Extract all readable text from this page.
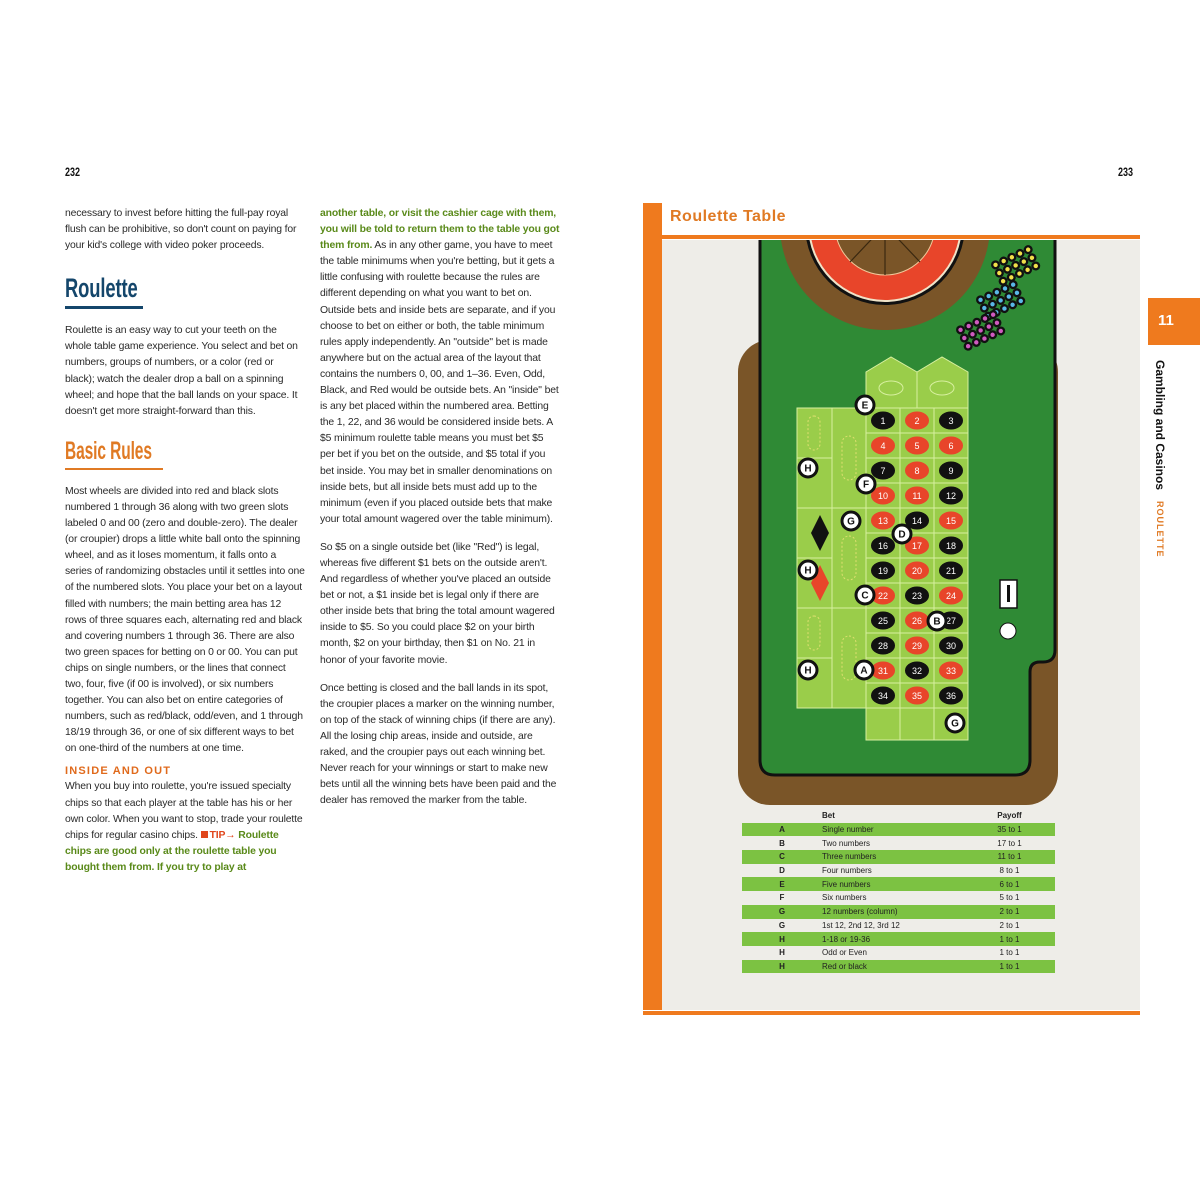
232

necessary to invest before hitting the full-pay royal flush can be prohibitive, so don't count on paying for your kid's college with video poker proceeds.

Roulette

Roulette is an easy way to cut your teeth on the whole table game experience. You select and bet on numbers, groups of numbers, or a color (red or black); watch the dealer drop a ball on a spinning wheel; and hope that the ball lands on your space. It doesn't get more straight-forward than this.

Basic Rules

Most wheels are divided into red and black slots numbered 1 through 36 along with two green slots labeled 0 and 00 (zero and double-zero). The dealer (or croupier) drops a little white ball onto the spinning wheel, and as it loses momentum, it falls onto a series of randomizing obstacles until it settles into one of the numbered slots. You place your bet on a layout filled with numbers; the main betting area has 12 rows of three squares each, alternating red and black and covering numbers 1 through 36. There are also two green spaces for betting on 0 or 00. You can put chips on single numbers, or the lines that connect two, four, five (if 00 is involved), or six numbers together. You can also bet on entire categories of numbers, such as red/black, odd/even, and 1 through 18/19 through 36, or one of six different ways to bet on one-third of the numbers at one time.

INSIDE AND OUT

When you buy into roulette, you're issued specialty chips so that each player at the table has his or her own color. When you want to stop, trade your roulette chips for regular casino chips. TIP→ Roulette chips are good only at the roulette table you bought them from. If you try to play at

another table, or visit the cashier cage with them, you will be told to return them to the table you got them from. As in any other game, you have to meet the table minimums when you're betting, but it gets a little confusing with roulette because the rules are different depending on what you want to bet on. Outside bets and inside bets are separate, and if you choose to bet on either or both, the table minimum rules apply independently. An "outside" bet is made anywhere but on the actual area of the layout that contains the numbers 0, 00, and 1–36. Even, Odd, Black, and Red would be outside bets. An "inside" bet is any bet placed within the numbered area. Betting the 1, 22, and 36 would be considered inside bets. A $5 minimum roulette table means you must bet $5 per bet if you bet on the outside, and $5 total if you bet inside. You may bet in smaller denominations on inside bets, but all inside bets must add up to the minimum (even if you placed outside bets that make your total amount wagered over the table minimum).

So $5 on a single outside bet (like "Red") is legal, whereas five different $1 bets on the outside aren't. And regardless of whether you've placed an outside bet or not, a $1 inside bet is legal only if there are other inside bets that bring the total amount wagered inside to $5. So you could place $2 on your birth month, $2 on your birthday, then $1 on No. 21 in honor of your favorite movie.

Once betting is closed and the ball lands in its spot, the croupier places a marker on the winning number, on top of the stack of winning chips (if there are any). All the losing chip areas, inside and outside, are raked, and the croupier pays out each winning bet. Never reach for your winnings or start to make new bets until all the winning bets have been paid and the dealer has removed the marker from the table.

233
1	2	3
4	5	6
7	8	9
10	11	12
13	14	15
16	17	18
19	20	21
22	23	24
25	26	27
28	29	30
31	32	33
34	35	36
E
H
F
G
D
H
C
B
A
H
G
Roulette Table
Bet	Payoff
A	Single number	35 to 1
B	Two numbers	17 to 1
C	Three numbers	11 to 1
D	Four numbers	8 to 1
E	Five numbers	6 to 1
F	Six numbers	5 to 1
G	12 numbers (column)	2 to 1
G	1st 12, 2nd 12, 3rd 12	2 to 1
H	1-18 or 19-36	1 to 1
H	Odd or Even	1 to 1
H	Red or black	1 to 1
11
Gambling and Casinos ROULETTE
